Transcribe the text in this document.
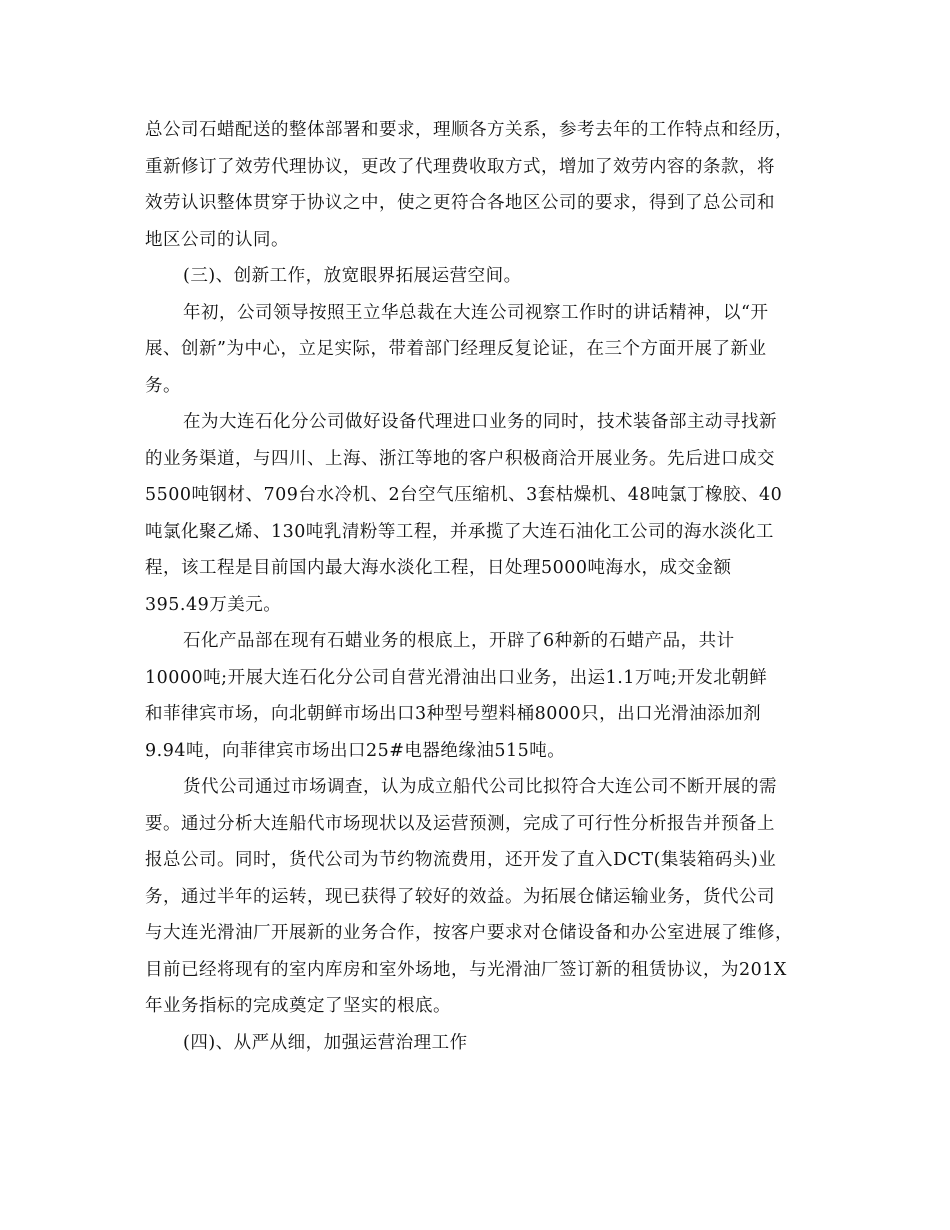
总公司石蜡配送的整体部署和要求，理顺各方关系，参考去年的工作特点和经历，
重新修订了效劳代理协议，更改了代理费收取方式，增加了效劳内容的条款，将
效劳认识整体贯穿于协议之中，使之更符合各地区公司的要求，得到了总公司和
地区公司的认同。

(三)、创新工作，放宽眼界拓展运营空间。

年初，公司领导按照王立华总裁在大连公司视察工作时的讲话精神，以“开
展、创新”为中心，立足实际，带着部门经理反复论证，在三个方面开展了新业
务。

在为大连石化分公司做好设备代理进口业务的同时，技术装备部主动寻找新
的业务渠道，与四川、上海、浙江等地的客户积极商洽开展业务。先后进口成交
5500吨钢材、709台水冷机、2台空气压缩机、3套枯燥机、48吨氯丁橡胶、40
吨氯化聚乙烯、130吨乳清粉等工程，并承揽了大连石油化工公司的海水淡化工
程，该工程是目前国内最大海水淡化工程，日处理5000吨海水，成交金额
395.49万美元。

石化产品部在现有石蜡业务的根底上，开辟了6种新的石蜡产品，共计
10000吨;开展大连石化分公司自营光滑油出口业务，出运1.1万吨;开发北朝鲜
和菲律宾市场，向北朝鲜市场出口3种型号塑料桶8000只，出口光滑油添加剂
9.94吨，向菲律宾市场出口25#电器绝缘油515吨。

货代公司通过市场调查，认为成立船代公司比拟符合大连公司不断开展的需
要。通过分析大连船代市场现状以及运营预测，完成了可行性分析报告并预备上
报总公司。同时，货代公司为节约物流费用，还开发了直入DCT(集装箱码头)业
务，通过半年的运转，现已获得了较好的效益。为拓展仓储运输业务，货代公司
与大连光滑油厂开展新的业务合作，按客户要求对仓储设备和办公室进展了维修，
目前已经将现有的室内库房和室外场地，与光滑油厂签订新的租赁协议，为201X
年业务指标的完成奠定了坚实的根底。

(四)、从严从细，加强运营治理工作
